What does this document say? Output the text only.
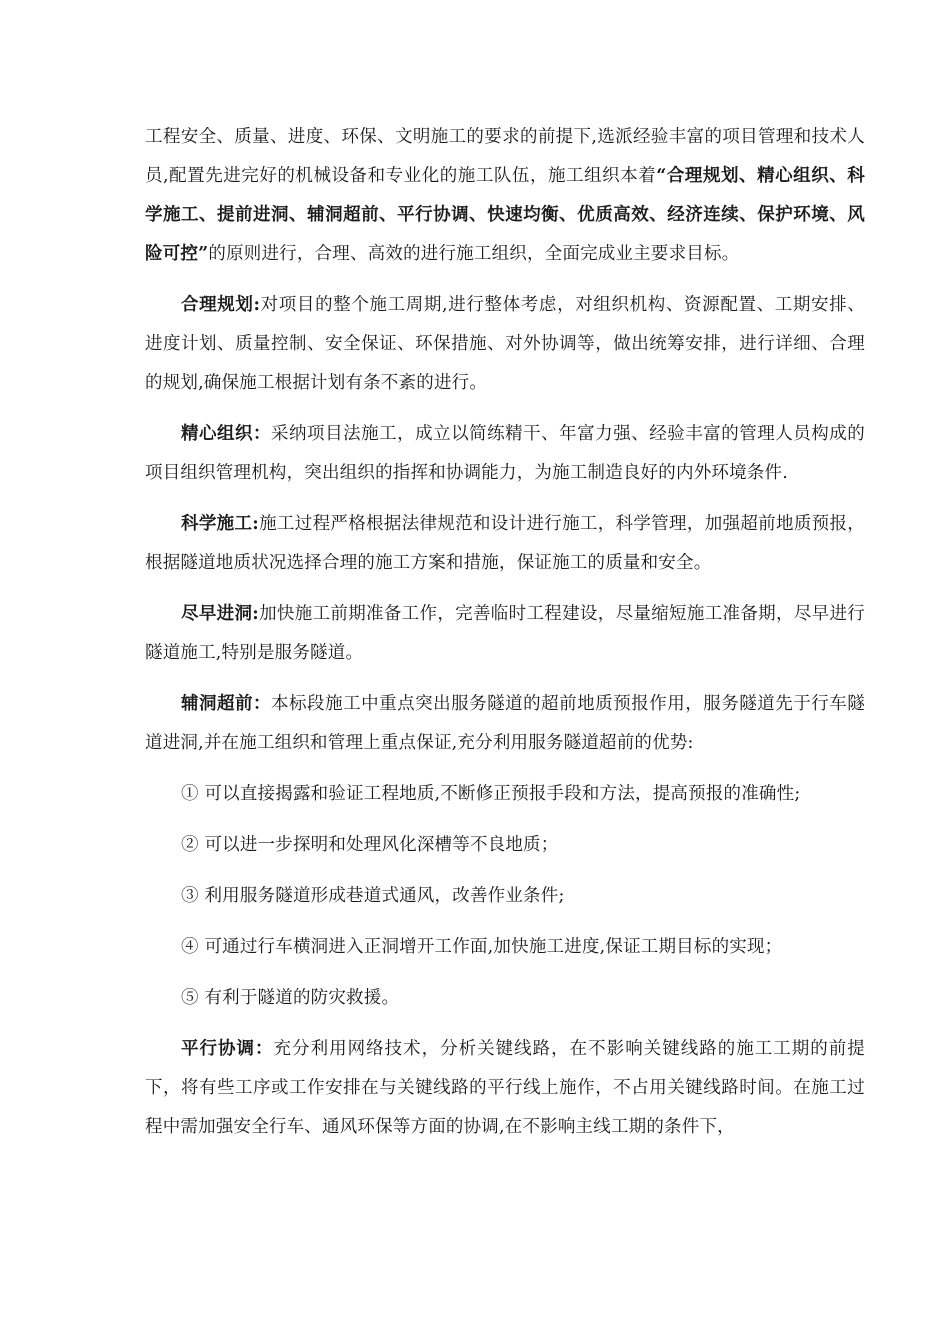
工程安全、质量、进度、环保、文明施工的要求的前提下,选派经验丰富的项目管理和技术人员,配置先进完好的机械设备和专业化的施工队伍，施工组织本着“合理规划、精心组织、科学施工、提前进洞、辅洞超前、平行协调、快速均衡、优质高效、经济连续、保护环境、风险可控”的原则进行，合理、高效的进行施工组织，全面完成业主要求目标。

合理规划:对项目的整个施工周期,进行整体考虑，对组织机构、资源配置、工期安排、进度计划、质量控制、安全保证、环保措施、对外协调等，做出统筹安排，进行详细、合理的规划,确保施工根据计划有条不紊的进行。

精心组织：采纳项目法施工，成立以简练精干、年富力强、经验丰富的管理人员构成的项目组织管理机构，突出组织的指挥和协调能力，为施工制造良好的内外环境条件.

科学施工:施工过程严格根据法律规范和设计进行施工，科学管理，加强超前地质预报，根据隧道地质状况选择合理的施工方案和措施，保证施工的质量和安全。

尽早进洞:加快施工前期准备工作，完善临时工程建设，尽量缩短施工准备期，尽早进行隧道施工,特别是服务隧道。

辅洞超前：本标段施工中重点突出服务隧道的超前地质预报作用，服务隧道先于行车隧道进洞,并在施工组织和管理上重点保证,充分利用服务隧道超前的优势:

① 可以直接揭露和验证工程地质,不断修正预报手段和方法，提高预报的准确性;

② 可以进一步探明和处理风化深槽等不良地质；

③ 利用服务隧道形成巷道式通风，改善作业条件;

④ 可通过行车横洞进入正洞增开工作面,加快施工进度,保证工期目标的实现；

⑤ 有利于隧道的防灾救援。

平行协调：充分利用网络技术，分析关键线路，在不影响关键线路的施工工期的前提下，将有些工序或工作安排在与关键线路的平行线上施作，不占用关键线路时间。在施工过程中需加强安全行车、通风环保等方面的协调,在不影响主线工期的条件下，
